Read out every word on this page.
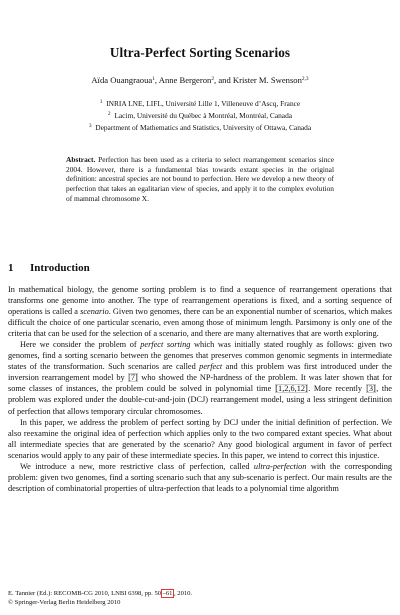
Ultra-Perfect Sorting Scenarios
Aïda Ouangraoua$^1$, Anne Bergeron$^2$, and Krister M. Swenson$^{2,3}$
$^1$ INRIA LNE, LIFL, Université Lille 1, Villeneuve d’Ascq, France
$^2$ Lacim, Université du Québec à Montréal, Montréal, Canada
$^3$ Department of Mathematics and Statistics, University of Ottawa, Canada
Abstract. Perfection has been used as a criteria to select rearrangement scenarios since 2004. However, there is a fundamental bias towards extant species in the original definition: ancestral species are not bound to perfection. Here we develop a new theory of perfection that takes an egalitarian view of species, and apply it to the complex evolution of mammal chromosome X.
1 Introduction

In mathematical biology, the genome sorting problem is to find a sequence of rearrangement operations that transforms one genome into another. The type of rearrangement operations is fixed, and a sorting sequence of operations is called a scenario. Given two genomes, there can be an exponential number of scenarios, which makes difficult the choice of one particular scenario, even among those of minimum length. Parsimony is only one of the criteria that can be used for the selection of a scenario, and there are many alternatives that are worth exploring.

Here we consider the problem of perfect sorting which was initially stated roughly as follows: given two genomes, find a sorting scenario between the genomes that preserves common genomic segments in intermediate states of the transformation. Such scenarios are called perfect and this problem was first introduced under the inversion rearrangement model by [7] who showed the NP-hardness of the problem. It was later shown that for some classes of instances, the problem could be solved in polynomial time [1,2,6,12]. More recently [3], the problem was explored under the double-cut-and-join (DCJ) rearrangement model, using a less stringent definition of perfection that allows temporary circular chromosomes.

In this paper, we address the problem of perfect sorting by DCJ under the initial definition of perfection. We also reexamine the original idea of perfection which applies only to the two compared extant species. What about all intermediate species that are generated by the scenario? Any good biological argument in favor of perfect scenarios would apply to any pair of these intermediate species. In this paper, we intend to correct this injustice.

We introduce a new, more restrictive class of perfection, called ultra-perfection with the corresponding problem: given two genomes, find a sorting scenario such that any sub-scenario is perfect. Our main results are the description of combinatorial properties of ultra-perfection that leads to a polynomial time algorithm

E. Tannier (Ed.): RECOMB-CG 2010, LNBI 6398, pp. 50 –61 , 2010.
© Springer-Verlag Berlin Heidelberg 2010
